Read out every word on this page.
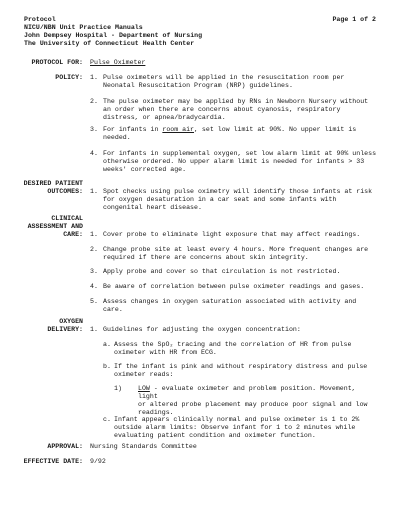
Protocol
NICU/NBN Unit Practice Manuals
John Dempsey Hospital - Department of Nursing
The University of Connecticut Health Center
Page 1 of 2
PROTOCOL FOR: Pulse Oximeter
POLICY: 1. Pulse oximeters will be applied in the resuscitation room per
Neonatal Resuscitation Program (NRP) guidelines.
2. The pulse oximeter may be applied by RNs in Newborn Nursery without
an order when there are concerns about cyanosis, respiratory
distress, or apnea/bradycardia.
3. For infants in room air, set low limit at 90%. No upper limit is
needed.
4. For infants in supplemental oxygen, set low alarm limit at 90% unless
otherwise ordered. No upper alarm limit is needed for infants > 33
weeks' corrected age.
DESIRED PATIENT
OUTCOMES: 1. Spot checks using pulse oximetry will identify those infants at risk
for oxygen desaturation in a car seat and some infants with
congenital heart disease.
CLINICAL
ASSESSMENT AND
CARE: 1. Cover probe to eliminate light exposure that may affect readings.
2. Change probe site at least every 4 hours. More frequent changes are
required if there are concerns about skin integrity.
3. Apply probe and cover so that circulation is not restricted.
4. Be aware of correlation between pulse oximeter readings and gases.
5. Assess changes in oxygen saturation associated with activity and
care.
OXYGEN
DELIVERY: 1. Guidelines for adjusting the oxygen concentration:
a. Assess the SpO₂ tracing and the correlation of HR from pulse
oximeter with HR from ECG.
b. If the infant is pink and without respiratory distress and pulse
oximeter reads:
1) LOW - evaluate oximeter and problem position. Movement, light
or altered probe placement may produce poor signal and low
readings.
c. Infant appears clinically normal and pulse oximeter is 1 to 2%
outside alarm limits: Observe infant for 1 to 2 minutes while
evaluating patient condition and oximeter function.
APPROVAL: Nursing Standards Committee
EFFECTIVE DATE: 9/92
